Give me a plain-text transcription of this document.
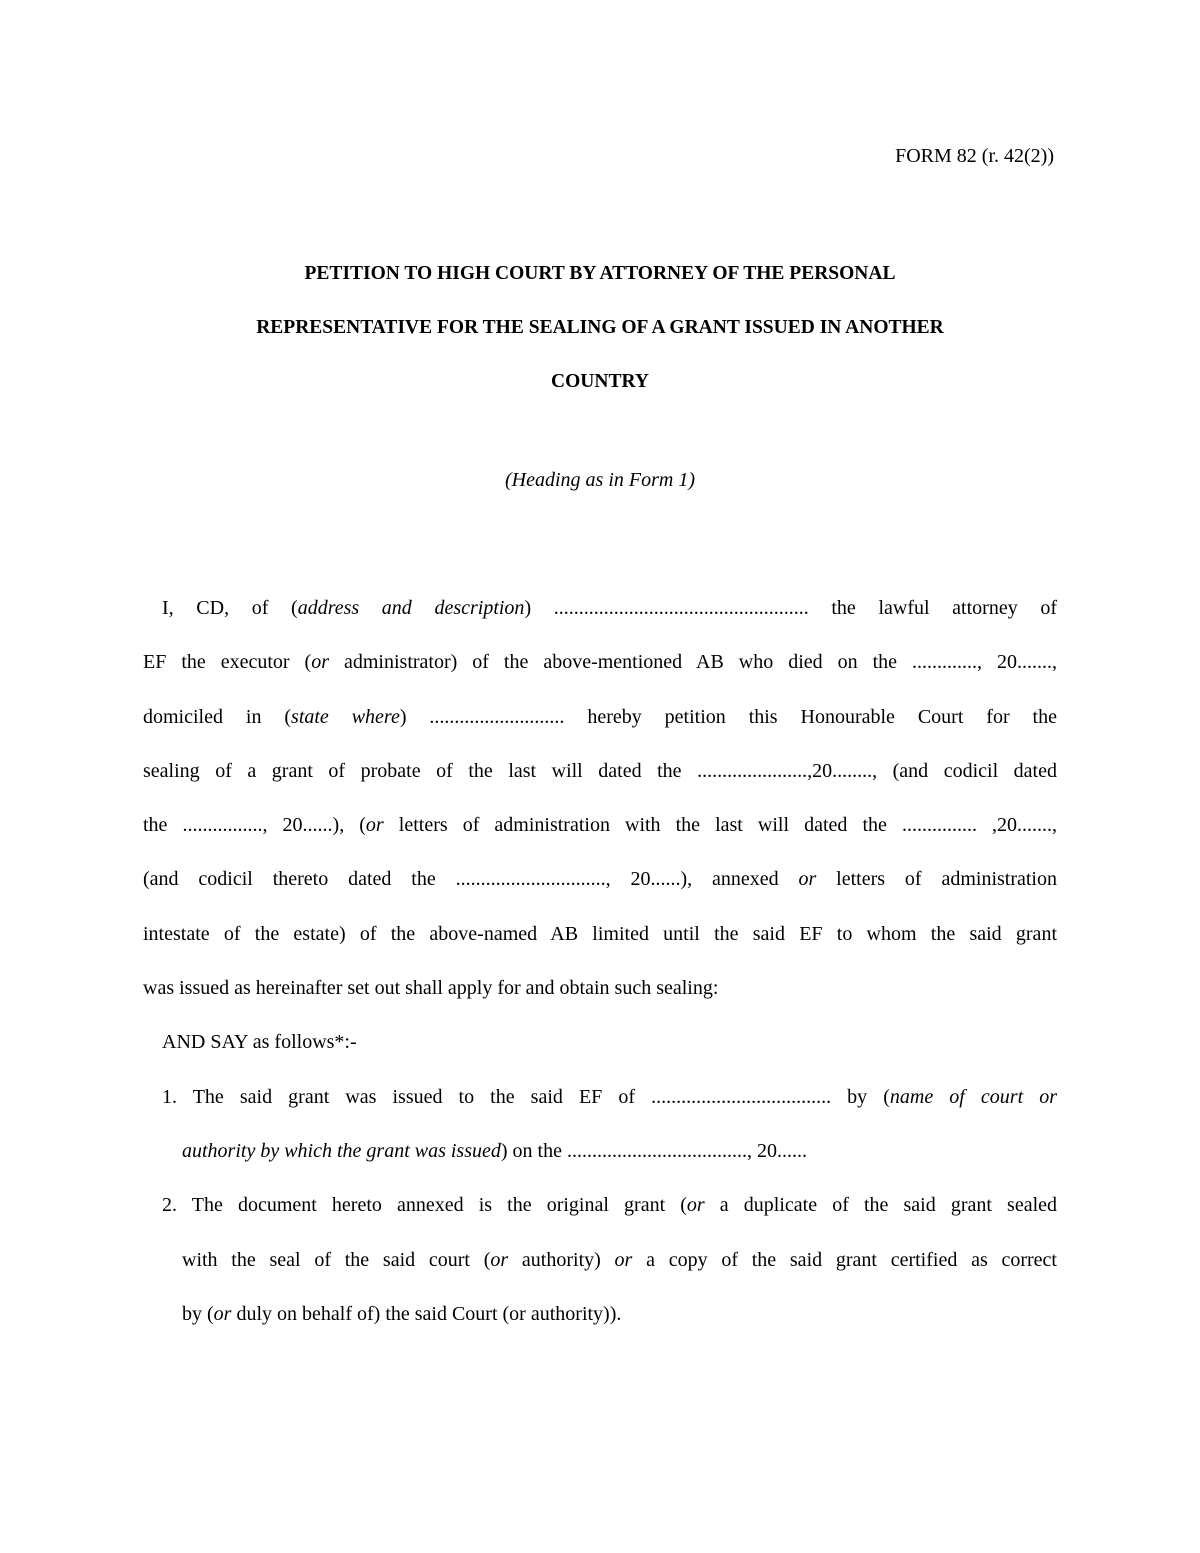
FORM 82 (r. 42(2))
PETITION TO HIGH COURT BY ATTORNEY OF THE PERSONAL
REPRESENTATIVE FOR THE SEALING OF A GRANT ISSUED IN ANOTHER
COUNTRY
(Heading as in Form 1)
I, CD, of (address and description) ................................................... the lawful attorney of
EF the executor (or administrator) of the above-mentioned AB who died on the ............., 20.......,
domiciled in (state where) ........................... hereby petition this Honourable Court for the
sealing of a grant of probate of the last will dated the ......................,20........, (and codicil dated
the ................, 20......), (or letters of administration with the last will dated the ............... ,20.......,
(and codicil thereto dated the .............................., 20......), annexed or letters of administration
intestate of the estate) of the above-named AB limited until the said EF to whom the said grant
was issued as hereinafter set out shall apply for and obtain such sealing:
AND SAY as follows*:-
1. The said grant was issued to the said EF of .................................... by (name of court or
authority by which the grant was issued) on the ...................................., 20......
2. The document hereto annexed is the original grant (or a duplicate of the said grant sealed
with the seal of the said court (or authority) or a copy of the said grant certified as correct
by (or duly on behalf of) the said Court (or authority)).
